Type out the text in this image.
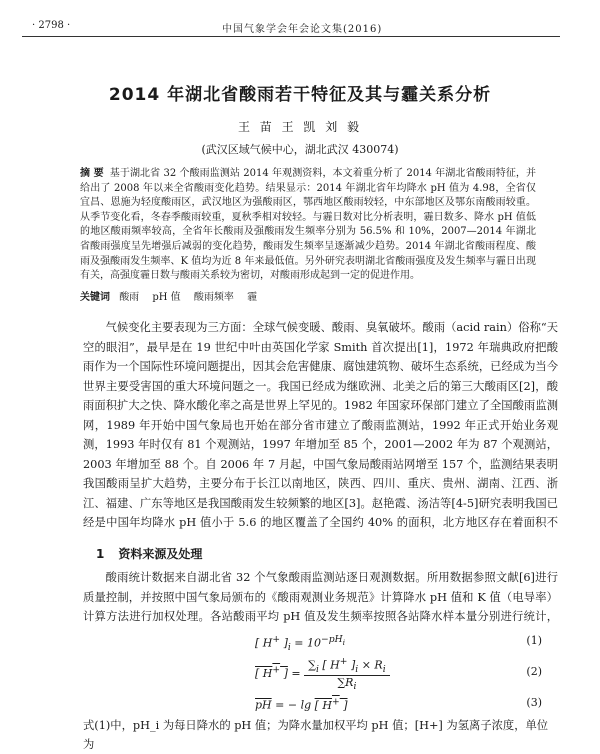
· 2798 ·	中国气象学会年会论文集(2016)
2014 年湖北省酸雨若干特征及其与霾关系分析
王 苗 王 凯 刘 毅
(武汉区域气候中心，湖北武汉 430074)
摘 要 基于湖北省 32 个酸雨监测站 2014 年观测资料，本文着重分析了 2014 年湖北省酸雨特征，并给出了 2008 年以来全省酸雨变化趋势。结果显示：2014 年湖北省年均降水 pH 值为 4.98，全省仅宜昌、恩施为轻度酸雨区，武汉地区为强酸雨区，鄂西地区酸雨较轻，中东部地区及鄂东南酸雨较重。从季节变化看，冬春季酸雨较重，夏秋季相对较轻。与霾日数对比分析表明，霾日数多、降水 pH 值低的地区酸雨频率较高，全省年长酸雨及强酸雨发生频率分别为 56.5% 和 10%，2007—2014 年湖北省酸雨强度呈先增强后减弱的变化趋势，酸雨发生频率呈逐渐减少趋势。2014 年湖北省酸雨程度、酸雨及强酸雨发生频率、K 值均为近 8 年来最低值。另外研究表明湖北省酸雨强度及发生频率与霾日出现有关，高强度霾日数与酸雨关系较为密切，对酸雨形成起到一定的促进作用。
关键词 酸雨 pH 值 酸雨频率 霾

气候变化主要表现为三方面：全球气候变暖、酸雨、臭氧破坏。酸雨（acid rain）俗称“天空的眼泪”，最早是在 19 世纪中叶由英国化学家 Smith 首次提出[1]，1972 年瑞典政府把酸雨作为一个国际性环境问题提出，因其会危害健康、腐蚀建筑物、破坏生态系统，已经成为当今世界主要受害国的重大环境问题之一。我国已经成为继欧洲、北美之后的第三大酸雨区[2]，酸雨面积扩大之快、降水酸化率之高是世界上罕见的。1982 年国家环保部门建立了全国酸雨监测网，1989 年开始中国气象局也开始在部分省市建立了酸雨监测站，1992 年正式开始业务观测，1993 年时仅有 81 个观测站，1997 年增加至 85 个，2001—2002 年为 87 个观测站，2003 年增加至 88 个。自 2006 年 7 月起，中国气象局酸雨站网增至 157 个，监测结果表明我国酸雨呈扩大趋势，主要分布于长江以南地区，陕西、四川、重庆、贵州、湖南、江西、浙江、福建、广东等地区是我国酸雨发生较频繁的地区[3]。赵艳霞、汤洁等[4-5]研究表明我国已经是中国年均降水 pH 值小于 5.6 的地区覆盖了全国约 40% 的面积，北方地区存在着面积不

1 资料来源及处理

酸雨统计数据来自湖北省 32 个气象酸雨监测站逐日观测数据。所用数据参照文献[6]进行质量控制，并按照中国气象局颁布的《酸雨观测业务规范》计算降水 pH 值和 K 值（电导率）计算方法进行加权处理。各站酸雨平均 pH 值及发生频率按照各站降水样本量分别进行统计，

[ H+ ]$_i = 10^{-pH_i}$	(1)
[ H+ ] = $\frac{\sum_i [ H^+ ]_i \times R_i}{\sum R_i}$	(2)
$\overline{pH}$ = − lg [ H+ ]	(3)

式(1)中，pH_i 为每日降水的 pH 值；为降水量加权平均 pH 值；[H+] 为氢离子浓度，单位为
